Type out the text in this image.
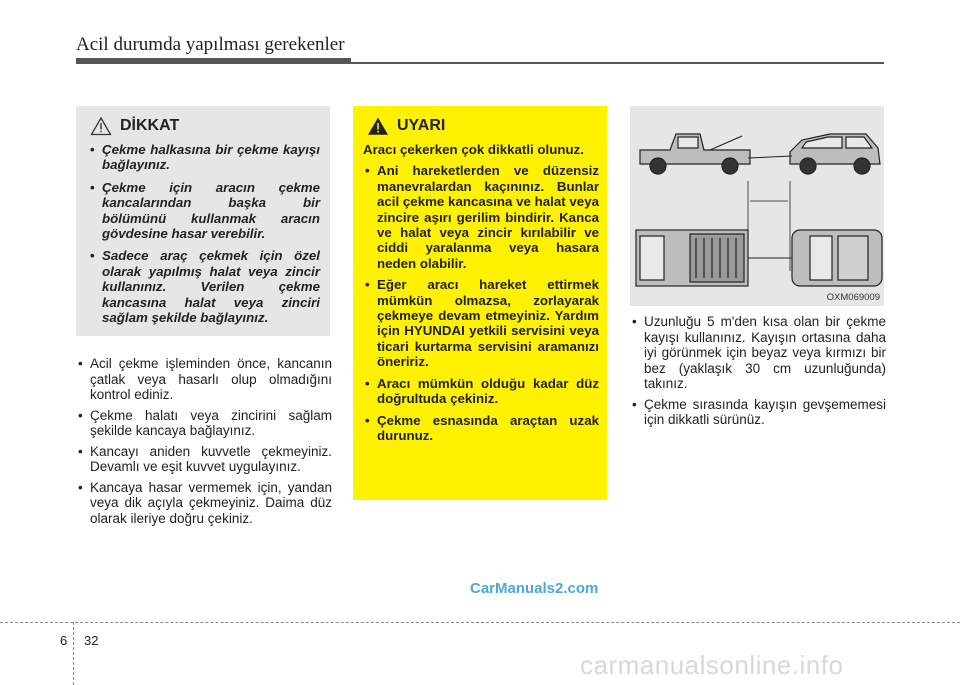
Acil durumda yapılması gerekenler
DİKKAT
• Çekme halkasına bir çekme kayışı bağlayınız.
• Çekme için aracın çekme kancalarından başka bir bölümünü kullanmak aracın gövdesine hasar verebilir.
• Sadece araç çekmek için özel olarak yapılmış halat veya zincir kullanınız. Verilen çekme kancasına halat veya zinciri sağlam şekilde bağlayınız.
• Acil çekme işleminden önce, kancanın çatlak veya hasarlı olup olmadığını kontrol ediniz.
• Çekme halatı veya zincirini sağlam şekilde kancaya bağlayınız.
• Kancayı aniden kuvvetle çekmeyiniz. Devamlı ve eşit kuvvet uygulayınız.
• Kancaya hasar vermemek için, yandan veya dik açıyla çekmeyiniz. Daima düz olarak ileriye doğru çekiniz.
UYARI

Aracı çekerken çok dikkatli olunuz.

• Ani hareketlerden ve düzensiz manevralardan kaçınınız. Bunlar acil çekme kancasına ve halat veya zincire aşırı gerilim bindirir. Kanca ve halat veya zincir kırılabilir ve ciddi yaralanma veya hasara neden olabilir.
• Eğer aracı hareket ettirmek mümkün olmazsa, zorlayarak çekmeye devam etmeyiniz. Yardım için HYUNDAI yetkili servisini veya ticari kurtarma servisini aramanızı öneririz.
• Aracı mümkün olduğu kadar düz doğrultuda çekiniz.
• Çekme esnasında araçtan uzak durunuz.
OXM069009
• Uzunluğu 5 m'den kısa olan bir çekme kayışı kullanınız. Kayışın ortasına daha iyi görünmek için beyaz veya kırmızı bir bez (yaklaşık 30 cm uzunluğunda) takınız.
• Çekme sırasında kayışın gevşememesi için dikkatli sürünüz.
CarManuals2.com
6 32
carmanualsonline.info
